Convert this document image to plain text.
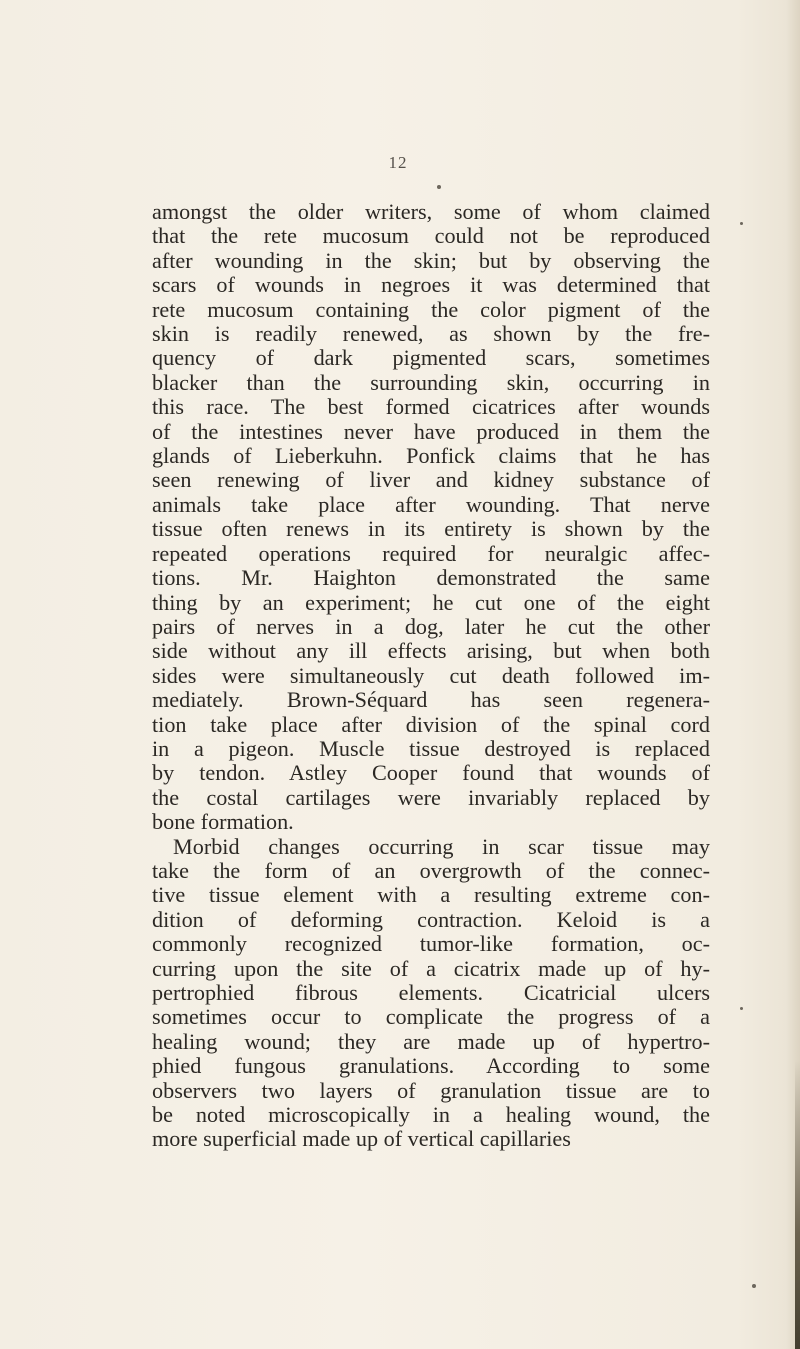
12
amongst the older writers, some of whom claimed
that the rete mucosum could not be reproduced
after wounding in the skin; but by observing the
scars of wounds in negroes it was determined that
rete mucosum containing the color pigment of the
skin is readily renewed, as shown by the fre-
quency of dark pigmented scars, sometimes
blacker than the surrounding skin, occurring in
this race. The best formed cicatrices after wounds
of the intestines never have produced in them the
glands of Lieberkuhn. Ponfick claims that he has
seen renewing of liver and kidney substance of
animals take place after wounding. That nerve
tissue often renews in its entirety is shown by the
repeated operations required for neuralgic affec-
tions. Mr. Haighton demonstrated the same
thing by an experiment; he cut one of the eight
pairs of nerves in a dog, later he cut the other
side without any ill effects arising, but when both
sides were simultaneously cut death followed im-
mediately. Brown-Séquard has seen regenera-
tion take place after division of the spinal cord
in a pigeon. Muscle tissue destroyed is replaced
by tendon. Astley Cooper found that wounds of
the costal cartilages were invariably replaced by
bone formation.
Morbid changes occurring in scar tissue may
take the form of an overgrowth of the connec-
tive tissue element with a resulting extreme con-
dition of deforming contraction. Keloid is a
commonly recognized tumor-like formation, oc-
curring upon the site of a cicatrix made up of hy-
pertrophied fibrous elements. Cicatricial ulcers
sometimes occur to complicate the progress of a
healing wound; they are made up of hypertro-
phied fungous granulations. According to some
observers two layers of granulation tissue are to
be noted microscopically in a healing wound, the
more superficial made up of vertical capillaries
